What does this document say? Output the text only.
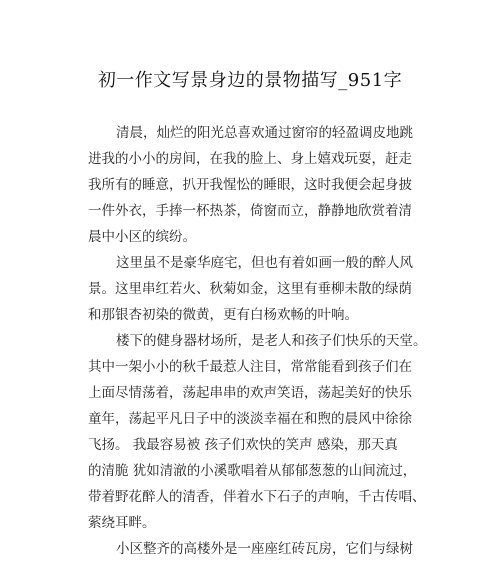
初一作文写景身边的景物描写_951字
清晨，灿烂的阳光总喜欢通过窗帘的轻盈调皮地跳
进我的小小的房间，在我的脸上、身上嬉戏玩耍，赶走
我所有的睡意，扒开我惺忪的睡眼，这时我便会起身披
一件外衣，手捧一杯热茶，倚窗而立，静静地欣赏着清
晨中小区的缤纷。
这里虽不是豪华庭宅，但也有着如画一般的醉人风
景。这里串红若火、秋菊如金，这里有垂柳未散的绿荫
和那银杏初染的微黄，更有白杨欢畅的叶响。
楼下的健身器材场所，是老人和孩子们快乐的天堂。
其中一架小小的秋千最惹人注目，常常能看到孩子们在
上面尽情荡着，荡起串串的欢声笑语，荡起美好的快乐
童年，荡起平凡日子中的淡淡幸福在和煦的晨风中徐徐
飞扬。 我最容易被 孩子们欢快的笑声 感染，那天真
的清脆 犹如清澈的小溪歌唱着从郁郁葱葱的山间流过，
带着野花醉人的清香，伴着水下石子的声响，千古传唱、
萦绕耳畔。
小区整齐的高楼外是一座座红砖瓦房，它们与绿树
